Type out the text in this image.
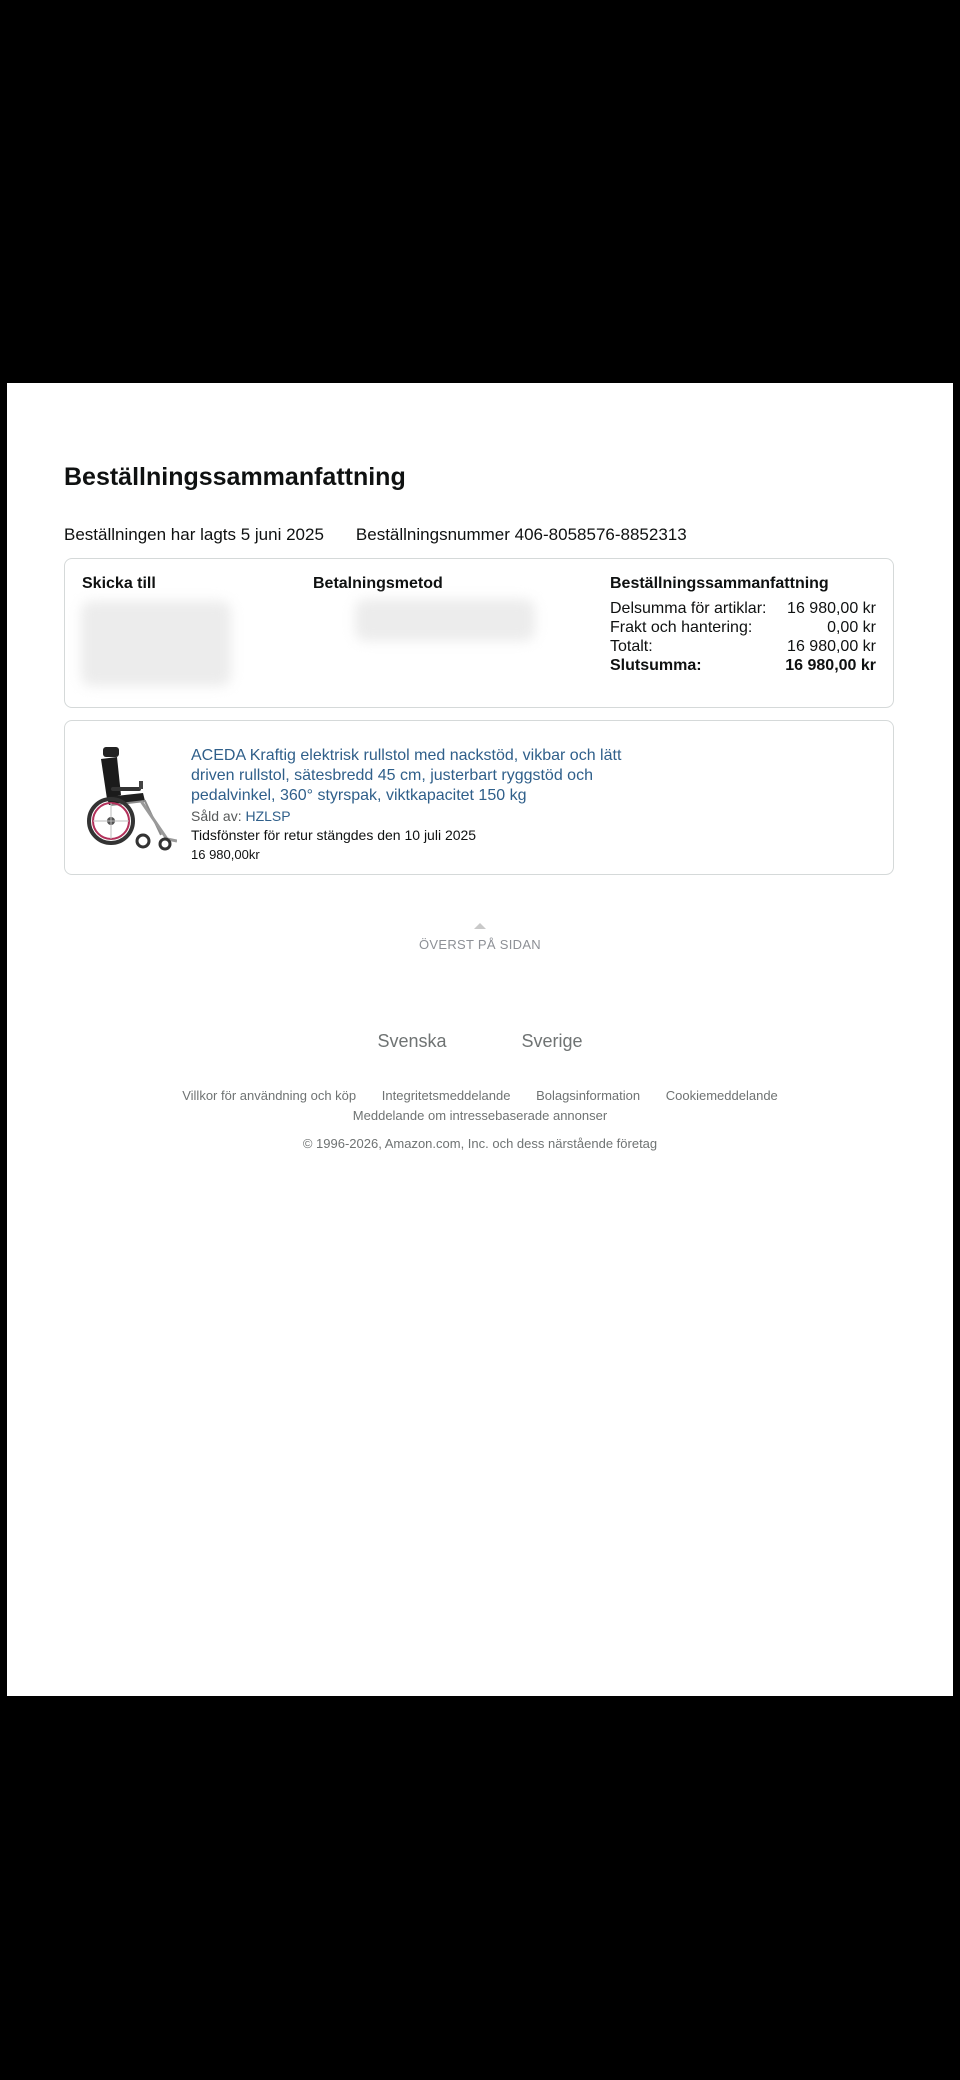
Beställningssammanfattning
Beställningen har lagts 5 juni 2025 Beställningsnummer 406-8058576-8852313
Skicka till	Betalningsmetod	Beställningssammanfattning
Delsumma för artiklar: 16 980,00 kr
Frakt och hantering:	0,00 kr
Totalt:	16 980,00 kr
Slutsumma:	16 980,00 kr
ACEDA Kraftig elektrisk rullstol med nackstöd, vikbar och lätt driven rullstol, sätesbredd 45 cm, justerbart ryggstöd och pedalvinkel, 360° styrspak, viktkapacitet 150 kg
Såld av: HZLSP
Tidsfönster för retur stängdes den 10 juli 2025
16 980,00kr
ÖVERST PÅ SIDAN
Svenska	Sverige
Villkor för användning och köp Integritetsmeddelande Bolagsinformation Cookiemeddelande
Meddelande om intressebaserade annonser
© 1996-2026, Amazon.com, Inc. och dess närstående företag
